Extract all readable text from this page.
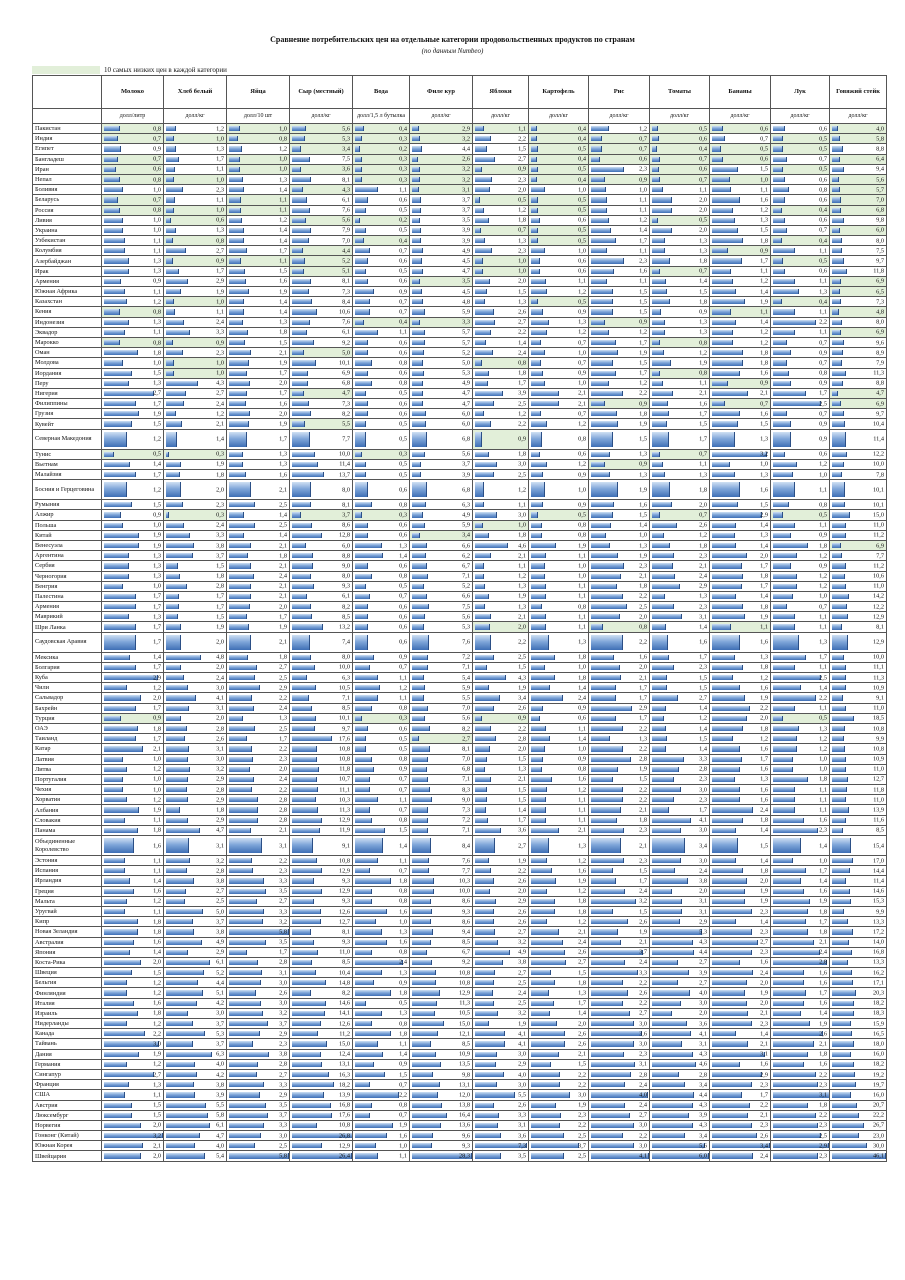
Сравнение потребительских цен на отдельные категории продовольственных продуктов по странам
(по данным Numbeo)
10 самых низких цен в каждой категории
	Молоко	Хлеб белый	Яйца	Сыр (местный)	Вода	Филе кур	Яблоки	Картофель	Рис	Томаты	Бананы	Лук	Говяжий стейк
	долл/литр	долл/кг	долл/10 шт	долл/кг	долл/1,5 л бутылка	долл/кг	долл/кг	долл/кг	долл/кг	долл/кг	долл/кг	долл/кг	долл/кг
Пакистан	0,8	1,2	1,0	5,6	0,4	2,9	1,1	0,4	1,2	0,5	0,6	0,6	4,0

Индия	0,7	1,0	0,8	5,3	0,3	3,2	2,2	0,4	0,7	0,6	0,7	0,5	5,8

Египет	0,9	1,3	1,2	3,4	0,2	4,4	1,5	0,5	0,7	0,4	0,5	0,5	8,8

Бангладеш	0,7	1,7	1,0	7,5	0,3	2,6	2,7	0,4	0,6	0,7	0,6	0,7	6,4

Иран	0,6	1,1	1,0	3,6	0,3	3,2	0,9	0,5	2,3	0,6	1,5	0,5	9,4

Непал	0,8	1,0	1,3	8,1	0,3	3,2	2,3	0,4	0,9	0,7	1,0	0,6	5,6

Боливия	1,0	2,3	1,4	4,3	1,1	3,1	2,0	1,0	1,0	1,1	1,1	0,8	5,7

Беларусь	0,7	1,1	1,1	6,1	0,6	3,7	0,5	0,5	1,1	2,0	1,6	0,6	7,0

Россия	0,8	1,0	1,1	7,6	0,5	3,7	1,2	0,5	1,1	2,0	1,2	0,4	6,8

Ливия	1,0	0,6	1,2	5,6	0,2	3,5	1,8	0,6	1,2	0,5	1,3	0,6	9,8

Украина	1,0	1,3	1,4	7,9	0,5	3,9	0,7	0,5	1,4	2,0	1,5	0,7	6,0

Узбекистан	1,1	0,8	1,4	7,0	0,4	3,9	1,3	0,5	1,7	1,3	1,8	0,4	8,0

Колумбия	1,1	2,7	1,7	4,4	0,7	4,9	2,3	1,0	1,1	1,3	0,9	1,1	7,5

Азербайджан	1,3	0,9	1,1	5,2	0,6	4,5	1,0	0,6	2,3	1,8	1,7	0,5	9,7

Ирак	1,3	1,7	1,5	5,1	0,5	4,7	1,0	0,6	1,6	0,7	1,1	0,6	11,8

Армения	0,9	2,9	1,6	8,1	0,6	3,5	2,0	1,1	1,1	1,4	1,2	1,1	6,9

Южная Африка	1,1	1,9	1,9	7,3	0,9	4,5	1,5	1,2	1,5	1,5	1,4	1,3	6,5

Казахстан	1,2	1,0	1,4	8,4	0,7	4,8	1,3	0,5	1,5	1,8	1,9	0,4	7,3

Кения	0,8	1,1	1,4	10,6	0,7	5,9	2,6	0,9	1,5	0,9	1,1	1,1	4,8

Индонезия	1,3	2,4	1,3	7,6	0,4	3,3	2,7	1,3	0,9	1,3	1,4	2,2	8,0

Эквадор	1,1	3,3	1,8	6,1	1,1	5,7	2,2	1,2	1,2	1,3	1,2	1,1	6,9

Марокко	0,8	0,9	1,5	9,2	0,6	5,7	1,4	0,7	1,7	0,8	1,2	0,7	9,6

Оман	1,8	2,3	2,1	5,0	0,6	5,2	2,4	1,0	1,9	1,2	1,8	0,9	8,9

Молдова	1,0	1,0	1,9	10,1	0,8	5,0	0,8	0,7	1,5	1,9	1,8	0,7	7,9

Иордания	1,5	1,0	1,7	6,9	0,6	5,3	1,8	0,9	1,7	0,8	1,6	0,8	11,3

Перу	1,3	4,3	2,0	6,8	0,8	4,9	1,7	1,0	1,2	1,1	0,9	0,9	8,8

Нигерия	2,7	2,7	1,7	4,7	0,5	4,7	3,9	2,1	2,2	2,1	2,1	1,7	4,7

Филиппины	1,7	2,4	1,6	7,3	0,6	4,7	2,5	2,1	0,9	1,6	0,7	2,5	6,9

Грузия	1,9	1,2	2,0	8,2	0,6	6,0	1,2	0,7	1,8	1,7	1,6	0,7	9,7

Кувейт	1,5	2,1	1,9	5,5	0,5	6,0	2,2	1,2	1,9	1,5	1,5	0,9	10,4

Северная Македония	1,2	1,4	1,7	7,7	0,5	6,8	0,9	0,8	1,5	1,7	1,3	0,9	11,4

Тунис	0,5	0,3	1,3	10,0	0,3	5,6	1,8	0,6	1,3	0,7	3,2	0,6	12,2

Вьетнам	1,4	1,9	1,3	11,4	0,5	3,7	3,0	1,2	0,9	1,1	1,0	1,2	10,0

Малайзия	1,7	1,8	1,6	13,7	0,5	3,9	2,5	0,9	1,3	1,3	1,3	1,0	7,8

Босния и Герцеговина	1,2	2,0	2,1	8,0	0,6	6,8	1,2	1,0	1,9	1,8	1,6	1,1	10,1

Румыния	1,5	2,3	2,5	8,1	0,8	6,3	1,1	0,9	1,6	2,0	1,5	0,8	10,1

Алжир	0,9	0,3	1,4	3,7	0,3	4,9	3,0	0,5	1,5	0,7	2,9	0,5	15,0

Польша	1,0	2,4	2,5	8,6	0,6	5,9	1,0	0,8	1,4	2,6	1,4	1,1	11,0

Китай	1,9	3,3	1,4	12,8	0,6	3,4	1,8	0,8	1,0	1,2	1,3	0,9	11,2

Венесуэла	1,9	3,8	2,1	6,0	1,3	6,6	4,6	1,9	1,3	1,8	1,4	1,8	6,9

Аргентина	1,3	3,7	1,8	8,8	1,4	6,2	2,1	1,1	1,9	2,3	2,0	1,2	7,7

Сербия	1,3	1,5	2,1	9,0	0,6	6,7	1,1	1,0	2,3	2,1	1,7	0,9	11,2

Черногория	1,3	1,8	2,4	8,0	0,8	7,1	1,2	1,0	2,1	2,4	1,8	1,2	10,6

Венгрия	1,0	2,8	2,1	9,3	0,5	5,2	1,3	1,1	1,8	2,9	1,7	1,2	11,0

Палестина	1,7	1,7	2,1	6,1	0,7	6,6	1,9	1,1	2,2	1,3	1,4	1,0	14,2

Армения	1,7	1,7	2,0	8,2	0,6	7,5	1,3	0,8	2,5	2,3	1,8	0,7	12,2

Маврикий	1,3	1,5	1,7	8,5	0,6	5,6	2,1	1,1	2,0	3,1	1,9	1,1	12,9

Шри Ланка	1,7	1,9	1,9	13,2	0,6	5,3	2,0	1,1	0,8	1,4	1,1	1,1	8,1

Саудовская Аравия	1,7	2,0	2,1	7,4	0,6	7,6	2,2	1,3	2,2	1,6	1,6	1,3	12,9

Мексика	1,4	4,8	1,8	8,0	0,9	7,2	2,5	1,8	1,6	1,7	1,3	1,7	10,0

Болгария	1,7	2,0	2,7	10,0	0,7	7,1	1,5	1,0	2,0	2,3	1,8	1,1	11,1

Куба	2,9	2,4	2,5	6,3	1,1	5,4	4,3	1,8	2,1	1,5	1,2	2,5	11,3

Чили	1,2	3,0	2,9	10,5	1,2	5,9	1,9	1,4	1,7	1,5	1,6	1,4	10,9

Сальвадор	2,0	4,1	2,2	7,1	1,1	5,5	3,4	2,4	1,7	2,7	1,9	2,2	9,1

Бахрейн	1,7	3,1	2,4	8,5	0,8	7,0	2,6	0,9	2,9	1,4	2,2	1,1	11,0

Турция	0,9	2,0	1,3	10,1	0,3	5,6	0,9	0,6	1,7	1,2	2,0	0,5	18,5

ОАЭ	1,8	2,8	2,5	9,7	0,6	8,2	2,2	1,1	2,2	1,4	1,8	1,3	10,8

Таиланд	1,7	2,6	1,7	17,6	0,5	2,7	2,8	1,4	1,3	1,5	1,2	1,2	9,9

Катар	2,1	3,1	2,2	10,8	0,5	8,1	2,0	1,0	2,2	1,4	1,6	1,2	10,8

Латвия	1,0	3,0	2,3	10,8	0,8	7,0	1,5	0,9	2,8	3,3	1,7	1,0	10,9

Литва	1,2	3,2	2,0	11,8	0,9	6,8	1,3	0,8	1,9	2,8	1,6	1,0	11,0

Португалия	1,0	2,9	2,4	10,7	0,7	7,1	2,1	1,6	1,5	2,3	1,3	1,8	12,7

Чехия	1,0	2,8	2,2	11,1	0,7	8,3	1,5	1,2	2,2	3,0	1,6	1,1	11,8

Хорватия	1,2	2,9	2,8	10,3	1,1	9,0	1,5	1,1	2,2	2,3	1,6	1,1	11,0

Албания	1,9	1,8	2,8	11,3	0,7	7,3	1,4	1,1	2,1	1,7	2,4	1,1	13,9

Словакия	1,1	2,9	2,8	12,9	0,8	7,2	1,7	1,1	1,8	4,1	1,8	1,6	11,6

Панама	1,8	4,7	2,1	11,9	1,5	7,1	3,6	2,1	2,3	3,0	1,4	2,3	8,5

Объединенные Королевство	1,6	3,1	3,1	9,1	1,4	8,4	2,7	1,3	2,1	3,4	1,5	1,4	15,4

Эстония	1,1	3,2	2,2	10,8	1,1	7,6	1,9	1,2	2,3	3,0	1,4	1,0	17,0

Испания	1,1	2,8	2,3	12,9	0,7	7,7	2,2	1,6	1,5	2,4	1,8	1,7	14,4

Ирландия	1,4	3,8	3,3	9,3	1,8	10,3	2,6	1,9	1,7	3,8	2,0	1,4	11,4

Греция	1,6	2,7	3,5	12,9	0,8	10,0	2,0	1,2	2,4	2,0	1,9	1,6	14,6

Мальта	1,2	2,5	2,7	9,3	0,8	8,6	2,9	1,8	3,2	3,1	1,9	1,9	15,3

Уругвай	1,1	5,0	3,3	12,6	1,6	9,3	2,6	1,8	1,5	3,1	2,3	1,8	9,9

Кипр	1,8	3,7	3,2	12,7	1,0	8,6	2,6	1,2	2,6	2,9	1,4	1,7	13,3

Новая Зеландия	1,8	3,8	5,8	8,1	1,3	9,4	2,7	2,1	1,9	5,3	2,3	1,8	17,2

Австралия	1,6	4,9	3,5	9,3	1,6	8,5	3,2	2,4	2,1	4,3	2,7	2,1	14,0

Япония	1,4	2,9	1,7	11,0	0,8	6,7	4,9	2,6	3,7	4,4	2,3	2,4	16,8

Коста-Рика	2,0	6,1	2,8	8,5	2,4	9,2	3,8	2,7	2,4	2,7	1,6	2,8	13,3

Швеция	1,5	5,2	3,1	10,4	1,3	10,8	2,7	1,5	3,3	3,9	2,4	1,6	16,2

Бельгия	1,2	4,4	3,0	14,8	0,9	10,8	2,5	1,8	2,2	2,7	2,0	1,6	17,1

Финляндия	1,2	5,1	2,6	8,2	1,8	12,9	2,4	1,3	2,6	4,0	1,9	1,7	20,3

Италия	1,6	4,2	3,0	14,6	0,5	11,3	2,5	1,7	2,2	3,0	2,0	1,6	18,2

Израиль	1,8	3,0	3,2	14,1	1,3	10,5	3,2	1,4	2,7	2,0	2,1	1,4	18,3

Нидерланды	1,2	3,7	3,7	12,6	0,8	15,0	1,9	2,0	3,0	3,6	2,3	1,9	15,9

Канада	2,2	5,3	2,9	11,2	1,8	12,1	4,1	2,6	3,6	4,1	1,4	2,6	16,5

Тайвань	3,0	3,7	2,3	15,0	1,1	8,5	4,1	2,6	3,0	3,1	2,1	2,1	18,0

Дания	1,9	6,3	3,8	12,4	1,4	10,9	3,0	2,1	2,3	4,3	3,1	1,8	16,0

Германия	1,2	4,0	2,8	13,1	0,9	13,5	2,9	1,5	3,1	4,6	1,6	1,6	18,2

Сингапур	2,7	4,2	2,7	16,3	1,5	9,8	4,0	2,2	2,8	2,8	2,9	2,2	19,2

Франция	1,3	3,8	3,3	18,2	0,7	13,1	3,0	2,2	2,4	3,4	2,3	2,3	19,7

США	1,1	3,9	2,9	13,9	2,2	12,0	5,5	3,0	4,0	4,4	1,7	3,1	16,0

Австрия	1,5	5,5	3,5	16,8	0,8	13,8	2,6	1,9	2,4	4,3	2,2	1,8	20,7

Люксембург	1,5	5,8	3,7	17,6	0,7	16,4	3,3	2,3	2,7	3,9	2,1	2,2	22,2

Норвегия	2,0	6,1	3,3	10,8	1,9	13,6	3,1	2,2	3,0	4,3	2,3	2,3	26,7

Гонконг (Китай)	3,2	4,7	3,0	26,8	1,6	9,6	3,6	2,5	2,2	3,4	2,6	2,5	23,0

Южная Корея	2,1	4,0	2,5	12,9	1,0	9,3	7,3	3,7	3,0	5,6	3,4	2,9	30,0

Швейцария	2,0	5,4	5,8	26,4	1,1	28,3	3,5	2,5	4,1	6,0	2,4	2,3	46,1
